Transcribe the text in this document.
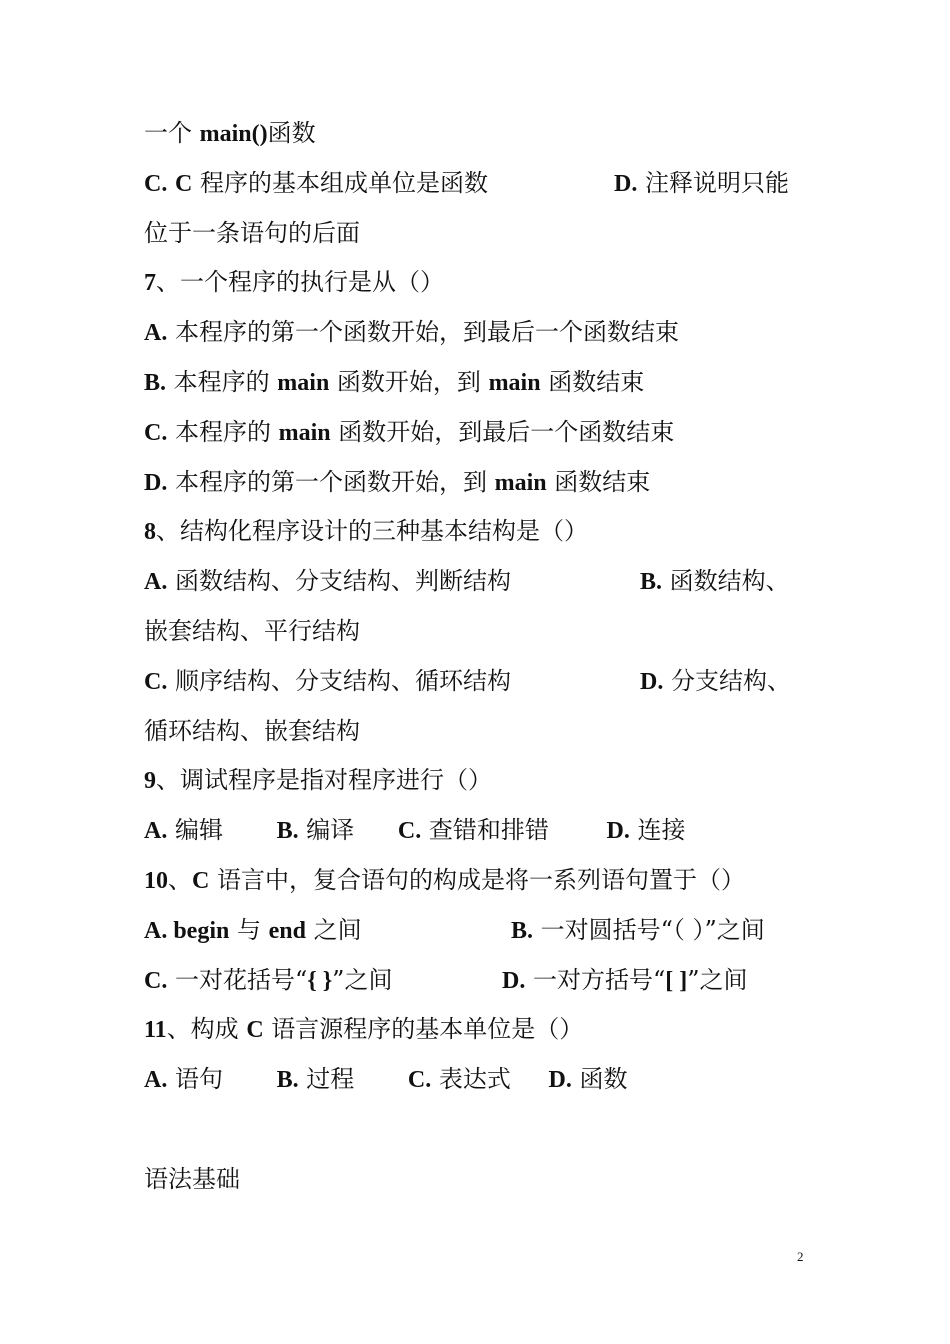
2
一个 main()函数
C. C 程序的基本组成单位是函数	D. 注释说明只能
位于一条语句的后面
7、一个程序的执行是从（）
A. 本程序的第一个函数开始，到最后一个函数结束
B. 本程序的 main 函数开始，到 main 函数结束
C. 本程序的 main 函数开始，到最后一个函数结束
D. 本程序的第一个函数开始，到 main 函数结束
8、结构化程序设计的三种基本结构是（）
A. 函数结构、分支结构、判断结构	B. 函数结构、
嵌套结构、平行结构
C. 顺序结构、分支结构、循环结构	D. 分支结构、
循环结构、嵌套结构
9、调试程序是指对程序进行（）
A. 编辑 B. 编译 C. 查错和排错 D. 连接
10、C 语言中，复合语句的构成是将一系列语句置于（）
A. begin 与 end 之间	B. 一对圆括号“（ ）”之间
C. 一对花括号“{ }”之间	D. 一对方括号“[ ]”之间
11、构成 C 语言源程序的基本单位是（）
A. 语句 B. 过程 C. 表达式 D. 函数
语法基础
